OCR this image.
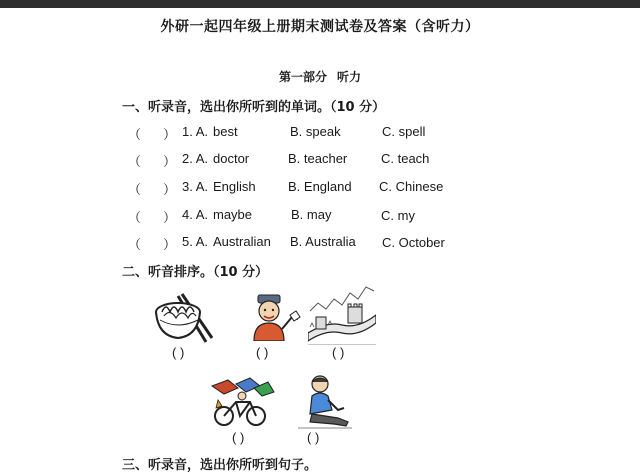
外研一起四年级上册期末测试卷及答案（含听力）
第一部分 听力
一、听录音，选出你所听到的单词。（10 分）
（ ） 1. A. best	B. speak	C. spell
（ ） 2. A. doctor	B. teacher	C. teach
（ ） 3. A. English B. England C. Chinese
（ ） 4. A. maybe	B. may	C. my
（ ） 5. A. Australian B. Australia C. October
二、听音排序。（10 分）
( )	( )	( )
( )	( )
三、听录音，选出你所听到句子。
